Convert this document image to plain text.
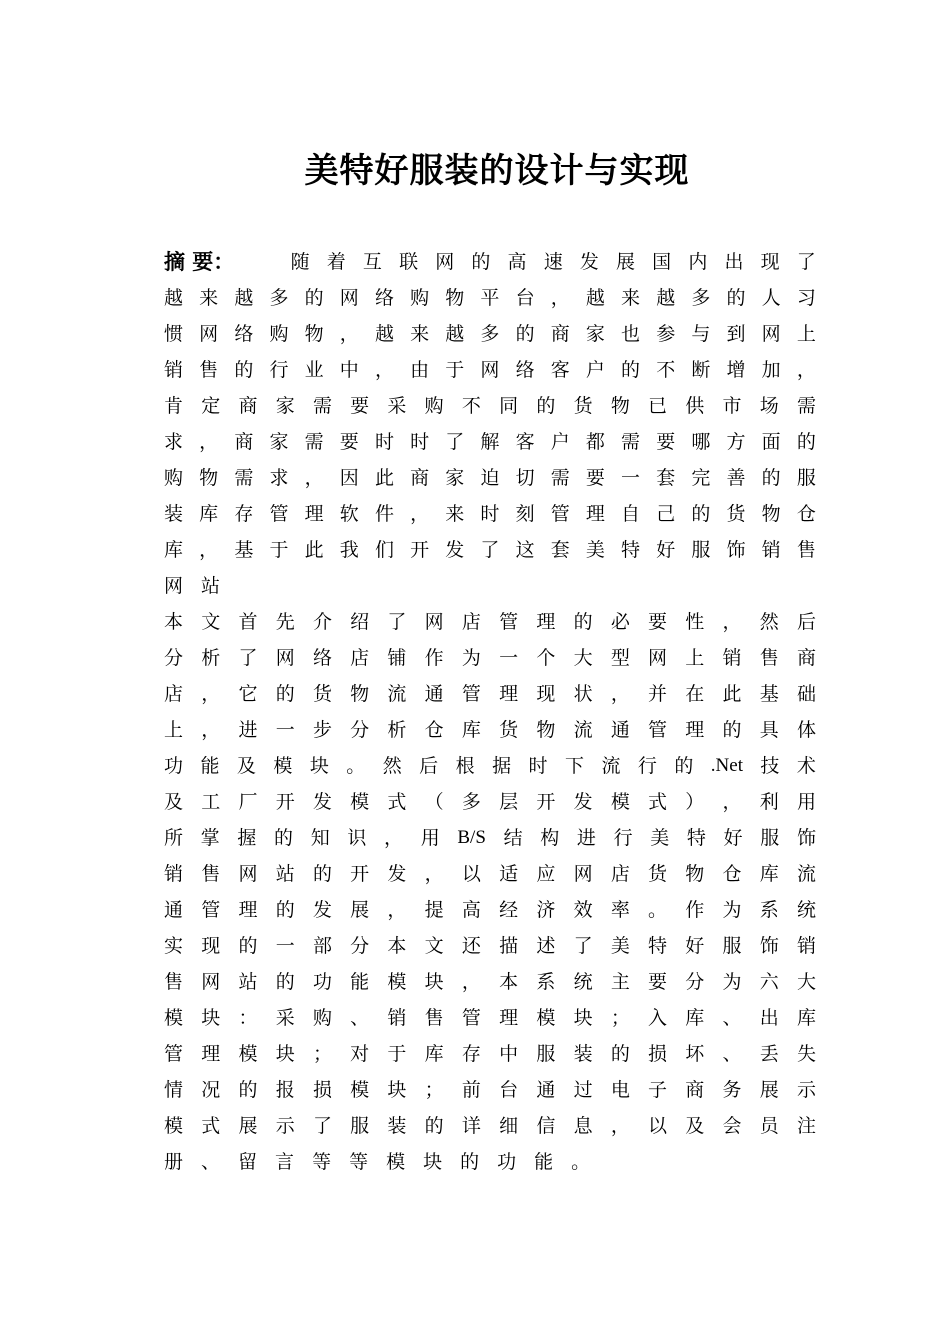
美特好服装的设计与实现
摘 要：	随 着 互 联 网 的 高 速 发 展 国 内 出 现 了
越 来 越 多 的 网 络 购 物 平 台 ， 越 来 越 多 的 人 习
惯 网 络 购 物 ， 越 来 越 多 的 商 家 也 参 与 到 网 上
销 售 的 行 业 中 ， 由 于 网 络 客 户 的 不 断 增 加 ，
肯 定 商 家 需 要 采 购 不 同 的 货 物 已 供 市 场 需
求 ， 商 家 需 要 时 时 了 解 客 户 都 需 要 哪 方 面 的
购 物 需 求 ， 因 此 商 家 迫 切 需 要 一 套 完 善 的 服
装 库 存 管 理 软 件 ， 来 时 刻 管 理 自 己 的 货 物 仓
库 ， 基 于 此 我 们 开 发 了 这 套 美 特 好 服 饰 销 售
网 站
本 文 首 先 介 绍 了 网 店 管 理 的 必 要 性 ， 然 后
分 析 了 网 络 店 铺 作 为 一 个 大 型 网 上 销 售 商
店 ， 它 的 货 物 流 通 管 理 现 状 ， 并 在 此 基 础
上 ， 进 一 步 分 析 仓 库 货 物 流 通 管 理 的 具 体
功 能 及 模 块 。 然 后 根 据 时 下 流 行 的 .Net 技 术
及 工 厂 开 发 模 式 （ 多 层 开 发 模 式 ） ， 利 用
所 掌 握 的 知 识 ， 用 B/S 结 构 进 行 美 特 好 服 饰
销 售 网 站 的 开 发 ， 以 适 应 网 店 货 物 仓 库 流
通 管 理 的 发 展 ， 提 高 经 济 效 率 。 作 为 系 统
实 现 的 一 部 分 本 文 还 描 述 了 美 特 好 服 饰 销
售 网 站 的 功 能 模 块 ， 本 系 统 主 要 分 为 六 大
模 块 ： 采 购 、 销 售 管 理 模 块 ； 入 库 、 出 库
管 理 模 块 ； 对 于 库 存 中 服 装 的 损 坏 、 丢 失
情 况 的 报 损 模 块 ； 前 台 通 过 电 子 商 务 展 示
模 式 展 示 了 服 装 的 详 细 信 息 ， 以 及 会 员 注
册 、 留 言 等 等 模 块 的 功 能 。
